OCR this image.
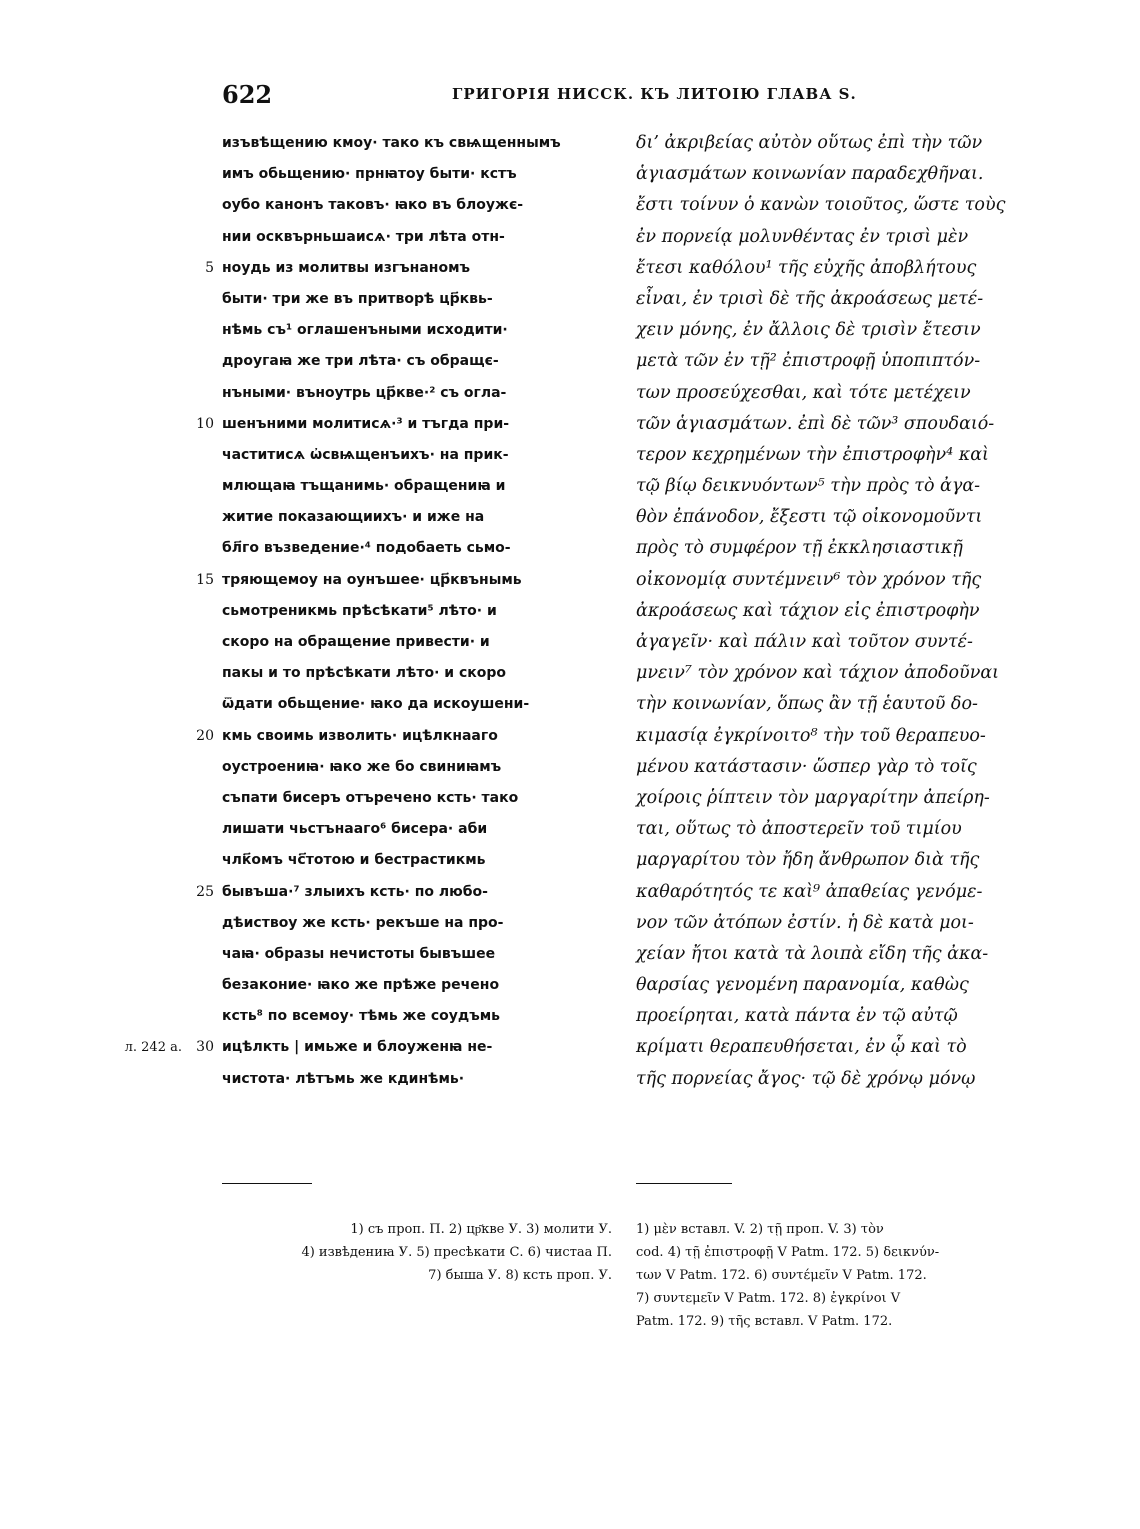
622	ГРИГОРІЯ НИССК. КЪ ЛИТОІЮ ГЛАВА Ѕ.
изъвѣщению кмоу· тако къ свѩщеннымъ
имъ обьщению· прнꙗтоу быти· кстъ
оубо канонъ таковъ· ꙗко въ блоужє-
нии осквърньшаисѧ· три лѣта отн-
ноудь из молитвы изгънаномъ
5
быти· три же въ притворѣ цр҃квь-
нѣмь съ¹ оглашенъными исходити·
дроугаꙗ же три лѣта· съ обращє-
нъными· въноутрь цр҃кве·² съ огла-
шенъними молитисѧ·³ и тъгда при-
10
частитисѧ ѡ҆свѩщенъихъ· на прик-
млющаꙗ тъщанимь· обращениꙗ и
житие показающиихъ· и иже на
бл҃го възведение·⁴ подобаеть сьмо-
тряющемоу на оунъшее· цр҃квънымь
15
сьмотреникмь прѣсѣкати⁵ лѣто· и
скоро на обращение привести· и
пакы и то прѣсѣкати лѣто· и скоро
ѿдати обьщение· ꙗко да искоушени-
кмь своимь изволить· ицѣлкнааго
20
оустроениꙗ· ꙗко же бо свиниꙗмъ
съпати бисеръ отъречено ксть· тако
лишати чьстънааго⁶ бисера· аби
члк҃омъ чс҃тотою и бестрастикмь
бывъша·⁷ злыихъ ксть· по любо-
25
дѣиствоу же ксть· рекъше на про-
чаꙗ· образы нечистоты бывъшее
безаконие· ꙗко же прѣже речено
ксть⁸ по всемоу· тѣмь же соудъмь
ицѣлкть | имьже и блоуженꙗ не-
30
л. 242 а.
чистота· лѣтъмь же кдинѣмь·
δι’ ἀκριβείας αὐτὸν οὕτως ἐπὶ τὴν τῶν
ἁγιασμάτων κοινωνίαν παραδεχθῆναι.
ἔστι τοίνυν ὁ κανὼν τοιοῦτος, ὥστε τοὺς
ἐν πορνείᾳ μολυνθέντας ἐν τρισὶ μὲν
ἔτεσι καθόλου¹ τῆς εὐχῆς ἀποβλήτους
εἶναι, ἐν τρισὶ δὲ τῆς ἀκροάσεως μετέ-
χειν μόνης, ἐν ἄλλοις δὲ τρισὶν ἔτεσιν
μετὰ τῶν ἐν τῇ² ἐπιστροφῇ ὑποπιπτόν-
των προσεύχεσθαι, καὶ τότε μετέχειν
τῶν ἁγιασμάτων. ἐπὶ δὲ τῶν³ σπουδαιό-
τερον κεχρημένων τὴν ἐπιστροφὴν⁴ καὶ
τῷ βίῳ δεικνυόντων⁵ τὴν πρὸς τὸ ἀγα-
θὸν ἐπάνοδον, ἔξεστι τῷ οἰκονομοῦντι
πρὸς τὸ συμφέρον τῇ ἐκκλησιαστικῇ
οἰκονομίᾳ συντέμνειν⁶ τὸν χρόνον τῆς
ἀκροάσεως καὶ τάχιον εἰς ἐπιστροφὴν
ἀγαγεῖν· καὶ πάλιν καὶ τοῦτον συντέ-
μνειν⁷ τὸν χρόνον καὶ τάχιον ἀποδοῦναι
τὴν κοινωνίαν, ὅπως ἂν τῇ ἑαυτοῦ δο-
κιμασίᾳ ἐγκρίνοιτο⁸ τὴν τοῦ θεραπευο-
μένου κατάστασιν· ὥσπερ γὰρ τὸ τοῖς
χοίροις ῥίπτειν τὸν μαργαρίτην ἀπείρη-
ται, οὕτως τὸ ἀποστερεῖν τοῦ τιμίου
μαργαρίτου τὸν ἤδη ἄνθρωπον διὰ τῆς
καθαρότητός τε καὶ⁹ ἀπαθείας γενόμε-
νον τῶν ἀτόπων ἐστίν. ἡ δὲ κατὰ μοι-
χείαν ἤτοι κατὰ τὰ λοιπὰ εἴδη τῆς ἀκα-
θαρσίας γενομένη παρανομία, καθὼς
προείρηται, κατὰ πάντα ἐν τῷ αὐτῷ
κρίματι θεραπευθήσεται, ἐν ᾧ καὶ τὸ
τῆς πορνείας ἄγος· τῷ δὲ χρόνῳ μόνῳ
1) съ проп. П. 2) цр҃кве У. 3) молити У.
4) извѣдениꙗ У. 5) пресѣкати С. 6) чистаа П.
7) быша У. 8) ксть проп. У.
1) μὲν вставл. V. 2) τῇ проп. V. 3) τὸν
cod. 4) τῇ ἐπιστροφῇ V Patm. 172. 5) δεικνύν-
των V Patm. 172. 6) συντέμεῖν V Patm. 172.
7) συντεμεῖν V Patm. 172. 8) ἐγκρίνοι V
Patm. 172. 9) τῆς вставл. V Patm. 172.
